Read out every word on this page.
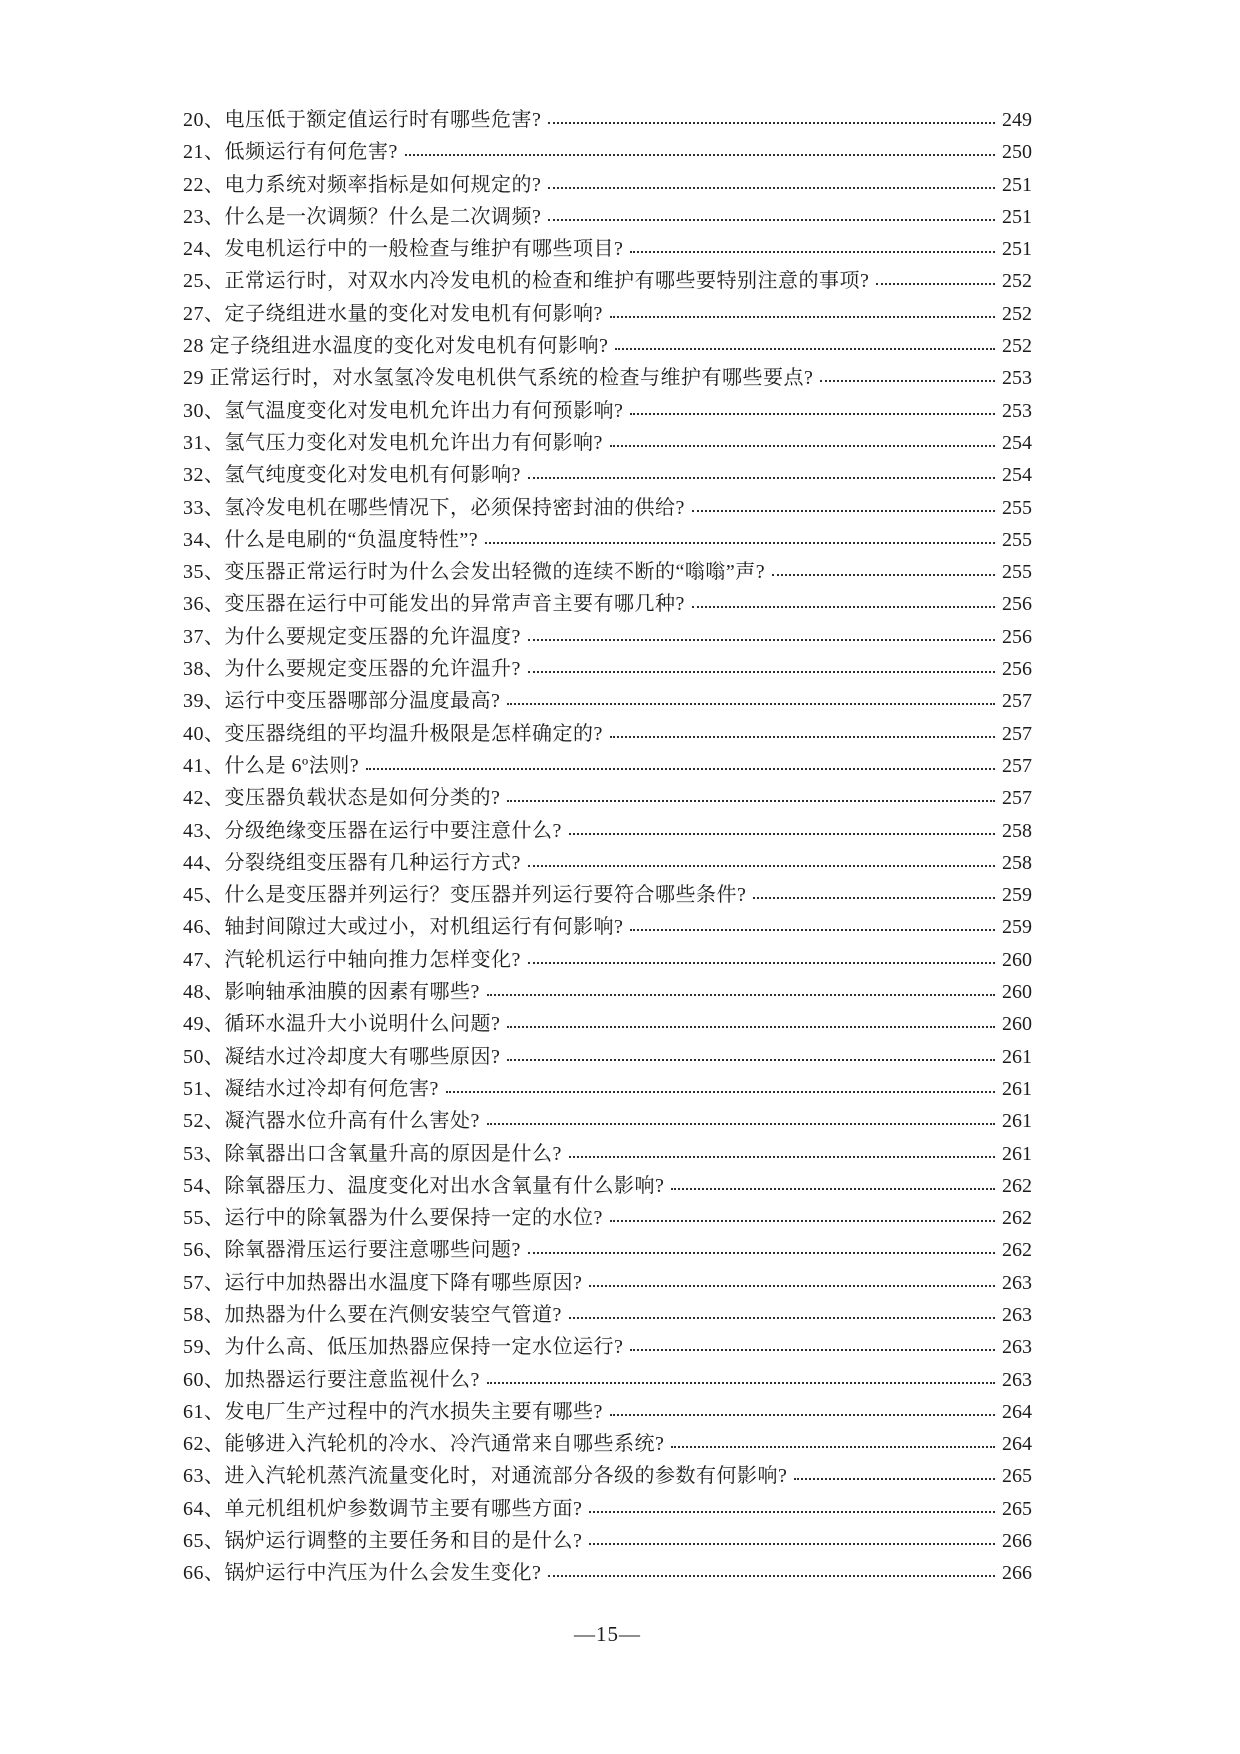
20、电压低于额定值运行时有哪些危害?	249
21、低频运行有何危害?	250
22、电力系统对频率指标是如何规定的?	251
23、什么是一次调频？什么是二次调频?	251
24、发电机运行中的一般检查与维护有哪些项目?	251
25、正常运行时，对双水内冷发电机的检查和维护有哪些要特别注意的事项?	252
27、定子绕组进水量的变化对发电机有何影响?	252
28 定子绕组进水温度的变化对发电机有何影响?	252
29 正常运行时，对水氢氢冷发电机供气系统的检查与维护有哪些要点?	253
30、氢气温度变化对发电机允许出力有何预影响?	253
31、氢气压力变化对发电机允许出力有何影响?	254
32、氢气纯度变化对发电机有何影响?	254
33、氢冷发电机在哪些情况下，必须保持密封油的供给?	255
34、什么是电刷的“负温度特性”?	255
35、变压器正常运行时为什么会发出轻微的连续不断的“嗡嗡”声?	255
36、变压器在运行中可能发出的异常声音主要有哪几种?	256
37、为什么要规定变压器的允许温度?	256
38、为什么要规定变压器的允许温升?	256
39、运行中变压器哪部分温度最高?	257
40、变压器绕组的平均温升极限是怎样确定的?	257
41、什么是 6º法则?	257
42、变压器负载状态是如何分类的?	257
43、分级绝缘变压器在运行中要注意什么?	258
44、分裂绕组变压器有几种运行方式?	258
45、什么是变压器并列运行？变压器并列运行要符合哪些条件?	259
46、轴封间隙过大或过小，对机组运行有何影响?	259
47、汽轮机运行中轴向推力怎样变化?	260
48、影响轴承油膜的因素有哪些?	260
49、循环水温升大小说明什么问题?	260
50、凝结水过冷却度大有哪些原因?	261
51、凝结水过冷却有何危害?	261
52、凝汽器水位升高有什么害处?	261
53、除氧器出口含氧量升高的原因是什么?	261
54、除氧器压力、温度变化对出水含氧量有什么影响?	262
55、运行中的除氧器为什么要保持一定的水位?	262
56、除氧器滑压运行要注意哪些问题?	262
57、运行中加热器出水温度下降有哪些原因?	263
58、加热器为什么要在汽侧安装空气管道?	263
59、为什么高、低压加热器应保持一定水位运行?	263
60、加热器运行要注意监视什么?	263
61、发电厂生产过程中的汽水损失主要有哪些?	264
62、能够进入汽轮机的冷水、冷汽通常来自哪些系统?	264
63、进入汽轮机蒸汽流量变化时，对通流部分各级的参数有何影响?	265
64、单元机组机炉参数调节主要有哪些方面?	265
65、锅炉运行调整的主要任务和目的是什么?	266
66、锅炉运行中汽压为什么会发生变化?	266
—15—
